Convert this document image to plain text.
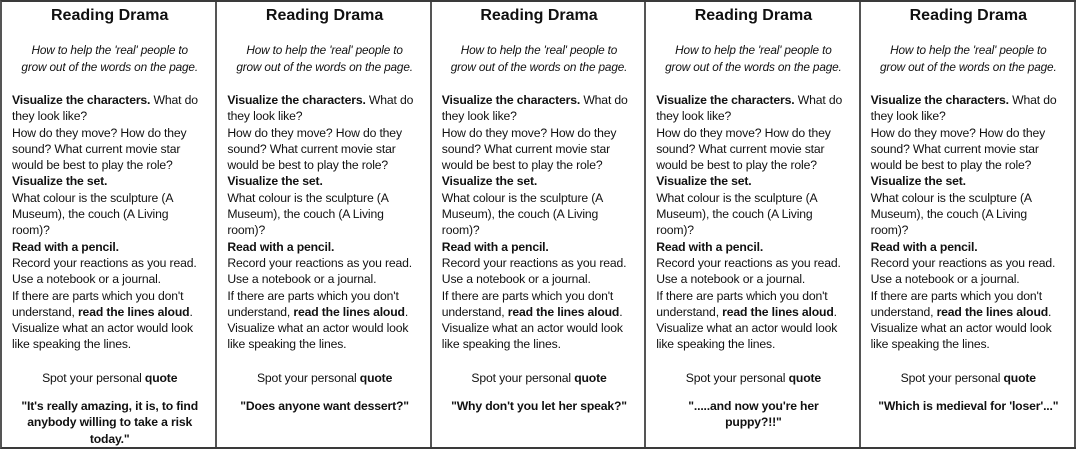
Reading Drama
How to help the 'real' people to
grow out of the words on the page.

Visualize the characters. What do they look like?

How do they move? How do they sound? What current movie star would be best to play the role?

Visualize the set.

What colour is the sculpture (A Museum), the couch (A Living room)?

Read with a pencil.

Record your reactions as you read.

Use a notebook or a journal.

If there are parts which you don't understand, read the lines aloud.

Visualize what an actor would look like speaking the lines.

Spot your personal quote
"It's really amazing, it is, to find anybody willing to take a risk today."
Reading Drama
How to help the 'real' people to
grow out of the words on the page.

Visualize the characters. What do they look like?

How do they move? How do they sound? What current movie star would be best to play the role?

Visualize the set.

What colour is the sculpture (A Museum), the couch (A Living room)?

Read with a pencil.

Record your reactions as you read.

Use a notebook or a journal.

If there are parts which you don't understand, read the lines aloud.

Visualize what an actor would look like speaking the lines.

Spot your personal quote
"Does anyone want dessert?"
Reading Drama
How to help the 'real' people to
grow out of the words on the page.

Visualize the characters. What do they look like?

How do they move? How do they sound? What current movie star would be best to play the role?

Visualize the set.

What colour is the sculpture (A Museum), the couch (A Living room)?

Read with a pencil.

Record your reactions as you read.

Use a notebook or a journal.

If there are parts which you don't understand, read the lines aloud.

Visualize what an actor would look like speaking the lines.

Spot your personal quote
"Why don't you let her speak?"
Reading Drama
How to help the 'real' people to
grow out of the words on the page.

Visualize the characters. What do they look like?

How do they move? How do they sound? What current movie star would be best to play the role?

Visualize the set.

What colour is the sculpture (A Museum), the couch (A Living room)?

Read with a pencil.

Record your reactions as you read.

Use a notebook or a journal.

If there are parts which you don't understand, read the lines aloud.

Visualize what an actor would look like speaking the lines.

Spot your personal quote
".....and now you're her puppy?!!"
Reading Drama
How to help the 'real' people to
grow out of the words on the page.

Visualize the characters. What do they look like?

How do they move? How do they sound? What current movie star would be best to play the role?

Visualize the set.

What colour is the sculpture (A Museum), the couch (A Living room)?

Read with a pencil.

Record your reactions as you read.

Use a notebook or a journal.

If there are parts which you don't understand, read the lines aloud.

Visualize what an actor would look like speaking the lines.

Spot your personal quote
"Which is medieval for 'loser'..."
